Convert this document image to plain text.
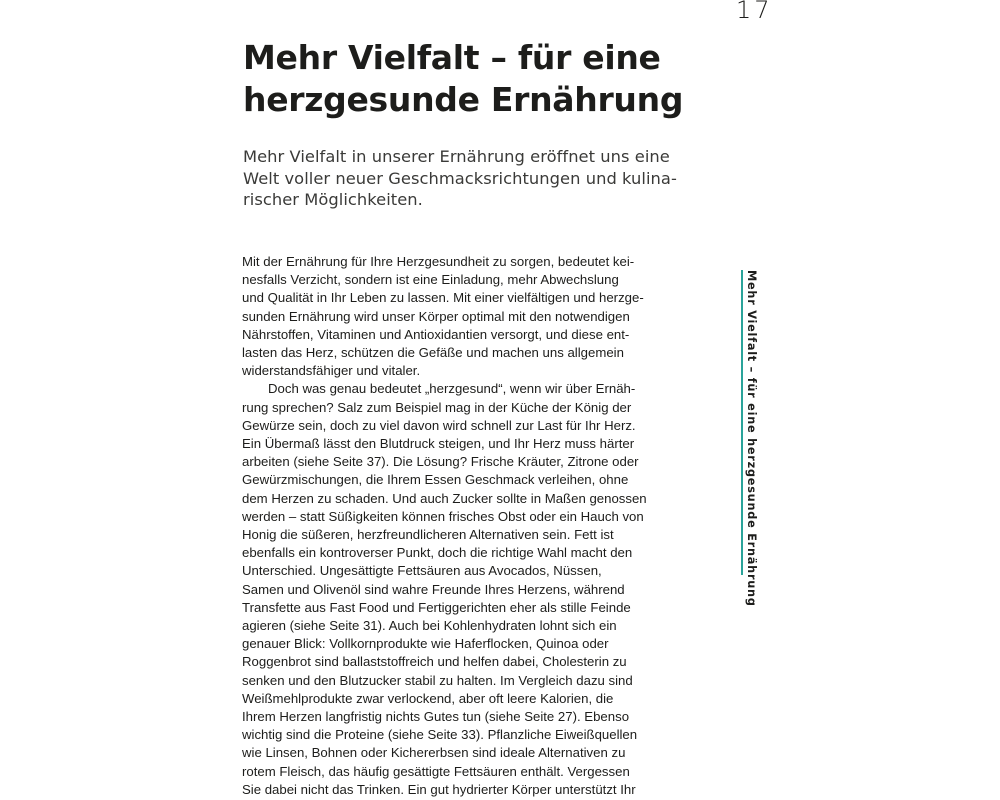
17
Mehr Vielfalt – für eine
herzgesunde Ernährung

Mehr Vielfalt in unserer Ernährung eröffnet uns eine
Welt voller neuer Geschmacksrichtungen und kulina-
rischer Möglichkeiten.

Mit der Ernährung für Ihre Herzgesundheit zu sorgen, bedeutet kei-
nesfalls Verzicht, sondern ist eine Einladung, mehr Abwechslung
und Qualität in Ihr Leben zu lassen. Mit einer vielfältigen und herzge-
sunden Ernährung wird unser Körper optimal mit den notwendigen
Nährstoffen, Vitaminen und Antioxidantien versorgt, und diese ent-
lasten das Herz, schützen die Gefäße und machen uns allgemein
widerstandsfähiger und vitaler.
Doch was genau bedeutet „herzgesund“, wenn wir über Ernäh-
rung sprechen? Salz zum Beispiel mag in der Küche der König der
Gewürze sein, doch zu viel davon wird schnell zur Last für Ihr Herz.
Ein Übermaß lässt den Blutdruck steigen, und Ihr Herz muss härter
arbeiten (siehe Seite 37). Die Lösung? Frische Kräuter, Zitrone oder
Gewürzmischungen, die Ihrem Essen Geschmack verleihen, ohne
dem Herzen zu schaden. Und auch Zucker sollte in Maßen genossen
werden – statt Süßigkeiten können frisches Obst oder ein Hauch von
Honig die süßeren, herzfreundlicheren Alternativen sein. Fett ist
ebenfalls ein kontroverser Punkt, doch die richtige Wahl macht den
Unterschied. Ungesättigte Fettsäuren aus Avocados, Nüssen,
Samen und Olivenöl sind wahre Freunde Ihres Herzens, während
Transfette aus Fast Food und Fertiggerichten eher als stille Feinde
agieren (siehe Seite 31). Auch bei Kohlenhydraten lohnt sich ein
genauer Blick: Vollkornprodukte wie Haferflocken, Quinoa oder
Roggenbrot sind ballaststoffreich und helfen dabei, Cholesterin zu
senken und den Blutzucker stabil zu halten. Im Vergleich dazu sind
Weißmehlprodukte zwar verlockend, aber oft leere Kalorien, die
Ihrem Herzen langfristig nichts Gutes tun (siehe Seite 27). Ebenso
wichtig sind die Proteine (siehe Seite 33). Pflanzliche Eiweißquellen
wie Linsen, Bohnen oder Kichererbsen sind ideale Alternativen zu
rotem Fleisch, das häufig gesättigte Fettsäuren enthält. Vergessen
Sie dabei nicht das Trinken. Ein gut hydrierter Körper unterstützt Ihr
Mehr Vielfalt – für eine herzgesunde Ernährung
